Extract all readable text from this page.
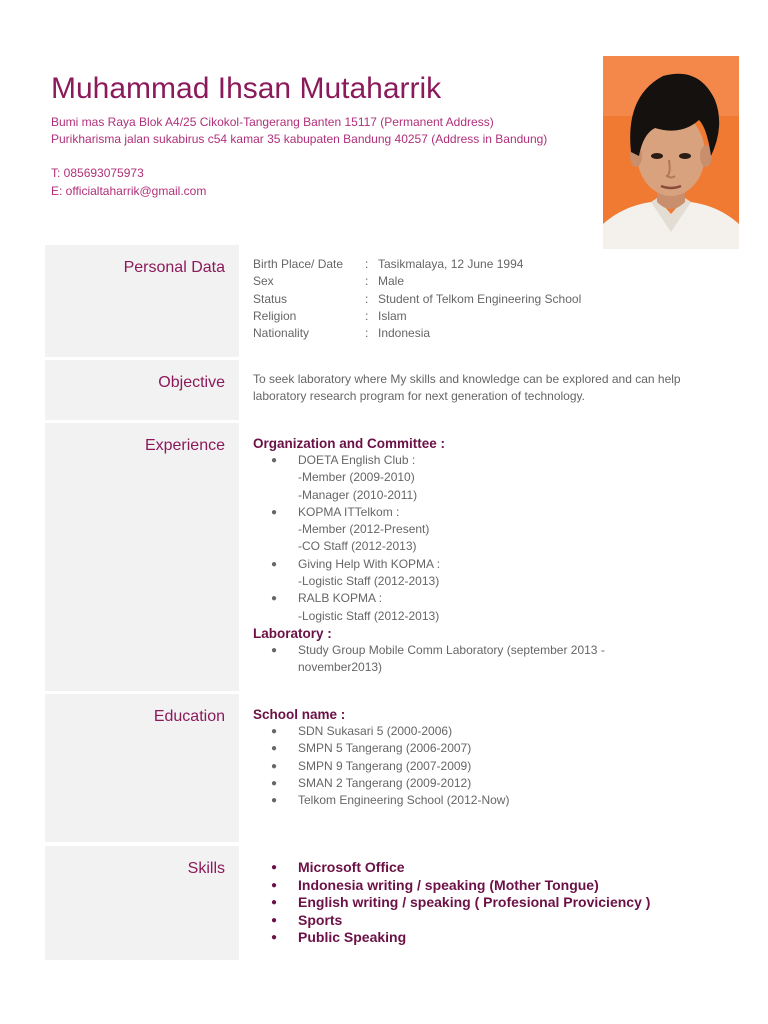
Muhammad Ihsan Mutaharrik
Bumi mas Raya Blok A4/25 Cikokol-Tangerang Banten 15117 (Permanent Address)
Purikharisma jalan sukabirus c54 kamar 35 kabupaten Bandung 40257 (Address in Bandung)
T: 085693075973
E: officialtaharrik@gmail.com
Personal Data Birth Place/ Date	: Tasikmalaya, 12 June 1994
Sex	: Male
Status	: Student of Telkom Engineering School
Religion	: Islam
Nationality	: Indonesia
Objective To seek laboratory where My skills and knowledge can be explored and can help laboratory research program for next generation of technology.
Experience Organization and Committee :
● DOETA English Club :
-Member (2009-2010)
-Manager (2010-2011)
● KOPMA ITTelkom :
-Member (2012-Present)
-CO Staff (2012-2013)
● Giving Help With KOPMA :
-Logistic Staff (2012-2013)
● RALB KOPMA :
-Logistic Staff (2012-2013)
Laboratory :
● Study Group Mobile Comm Laboratory (september 2013 - november2013)
Education School name :
● SDN Sukasari 5 (2000-2006)
● SMPN 5 Tangerang (2006-2007)
● SMPN 9 Tangerang (2007-2009)
● SMAN 2 Tangerang (2009-2012)
● Telkom Engineering School (2012-Now)
Skills	● Microsoft Office
● Indonesia writing / speaking (Mother Tongue)
● English writing / speaking ( Profesional Proviciency )
● Sports
● Public Speaking
